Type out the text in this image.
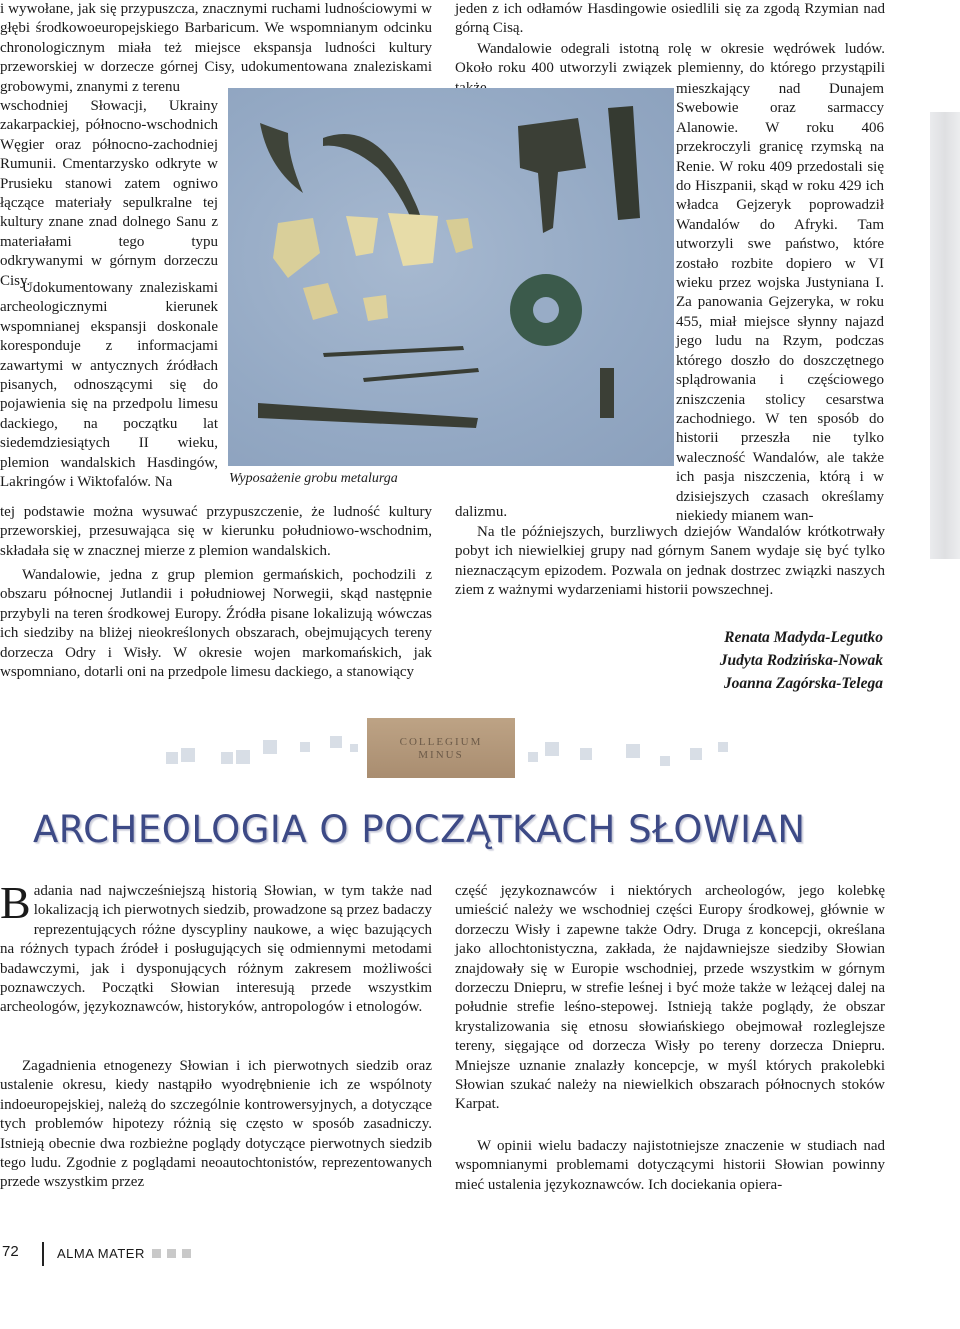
i wywołane, jak się przypuszcza, znacznymi ruchami ludnościowymi w głębi środkowoeuropejskiego Barbaricum. We wspomnianym odcinku chronologicznym miała też miejsce ekspansja ludności kultury przeworskiej w dorzecze górnej Cisy, udokumentowana znaleziskami grobowymi, znanymi z terenu
wschodniej Słowacji, Ukrainy zakarpackiej, północno-wschodnich Węgier oraz północno-zachodniej Rumunii. Cmentarzysko odkryte w Prusieku stanowi zatem ogniwo łączące materiały sepulkralne tej kultury znane znad dolnego Sanu z materiałami tego typu odkrywanymi w górnym dorzeczu Cisy.
Udokumentowany znaleziskami archeologicznymi kierunek wspomnianej ekspansji doskonale koresponduje z informacjami zawartymi w antycznych źródłach pisanych, odnoszącymi się do pojawienia się na przedpolu limesu dackiego, na początku lat siedemdziesiątych II wieku, plemion wandalskich Hasdingów, Lakringów i Wiktofalów. Na
tej podstawie można wysuwać przypuszczenie, że ludność kultury przeworskiej, przesuwająca się w kierunku południowo-wschodnim, składała się w znacznej mierze z plemion wandalskich.
Wandalowie, jedna z grup plemion germańskich, pochodzili z obszaru północnej Jutlandii i południowej Norwegii, skąd następnie przybyli na teren środkowej Europy. Źródła pisane lokalizują wówczas ich siedziby na bliżej nieokreślonych obszarach, obejmujących tereny dorzecza Odry i Wisły. W okresie wojen markomańskich, jak wspomniano, dotarli oni na przedpole limesu dackiego, a stanowiący
jeden z ich odłamów Hasdingowie osiedlili się za zgodą Rzymian nad górną Cisą.
Wandalowie odegrali istotną rolę w okresie wędrówek ludów. Około roku 400 utworzyli związek plemienny, do którego przystąpili
mieszkający nad Dunajem Swebowie oraz sarmaccy Alanowie. W roku 406 przekroczyli granicę rzymską na Renie. W roku 409 przedostali się do Hiszpanii, skąd w roku 429 ich władca Gejzeryk poprowadził Wandalów do Afryki. Tam utworzyli swe państwo, które zostało rozbite dopiero w VI wieku przez wojska Justyniana I. Za panowania Gejzeryka, w roku 455, miał miejsce słynny najazd jego ludu na Rzym, podczas którego doszło do doszczętnego splądrowania i częściowego zniszczenia stolicy cesarstwa zachodniego. W ten sposób do historii przeszła nie tylko waleczność Wandalów, ale także ich pasja niszczenia, którą i w dzisiejszych czasach określamy niekiedy mianem wan-
dalizmu.
Na tle późniejszych, burzliwych dziejów Wandalów krótkotrwały pobyt ich niewielkiej grupy nad górnym Sanem wydaje się być tylko nieznaczącym epizodem. Pozwala on jednak dostrzec związki naszych ziem z ważnymi wydarzeniami historii powszechnej.
Wyposażenie grobu metalurga
Renata Madyda-Legutko
Judyta Rodzińska-Nowak
Joanna Zagórska-Telega
COLLEGIUM
MINUS
ARCHEOLOGIA O POCZĄTKACH SŁOWIAN
B adania nad najwcześniejszą historią Słowian, w tym także nad lokalizacją ich pierwotnych siedzib, prowadzone są przez badaczy reprezentujących różne dyscypliny naukowe, a więc bazujących na różnych typach źródeł i posługujących się odmiennymi metodami badawczymi, jak i dysponujących różnym zakresem możliwości poznawczych. Początki Słowian interesują przede wszystkim archeologów, językoznawców, historyków, antropologów i etnologów.
Zagadnienia etnogenezy Słowian i ich pierwotnych siedzib oraz ustalenie okresu, kiedy nastąpiło wyodrębnienie ich ze wspólnoty indoeuropejskiej, należą do szczególnie kontrowersyjnych, a dotyczące tych problemów hipotezy różnią się często w sposób zasadniczy. Istnieją obecnie dwa rozbieżne poglądy dotyczące pierwotnych siedzib tego ludu. Zgodnie z poglądami neoautochtonistów, reprezentowanych przede wszystkim przez
część językoznawców i niektórych archeologów, jego kolebkę umieścić należy we wschodniej części Europy środkowej, głównie w dorzeczu Wisły i zapewne także Odry. Druga z koncepcji, określana jako allochtonistyczna, zakłada, że najdawniejsze siedziby Słowian znajdowały się w Europie wschodniej, przede wszystkim w górnym dorzeczu Dniepru, w strefie leśnej i być może także w leżącej dalej na południe strefie leśno-stepowej. Istnieją także poglądy, że obszar krystalizowania się etnosu słowiańskiego obejmował rozleglejsze tereny, sięgające od dorzecza Wisły po tereny dorzecza Dniepru. Mniejsze uznanie znalazły koncepcje, w myśl których prakolebki Słowian szukać należy na niewielkich obszarach północnych stoków Karpat.
W opinii wielu badaczy najistotniejsze znaczenie w studiach nad wspomnianymi problemami dotyczącymi historii Słowian powinny mieć ustalenia językoznawców. Ich dociekania opiera-
72	ALMA MATER
